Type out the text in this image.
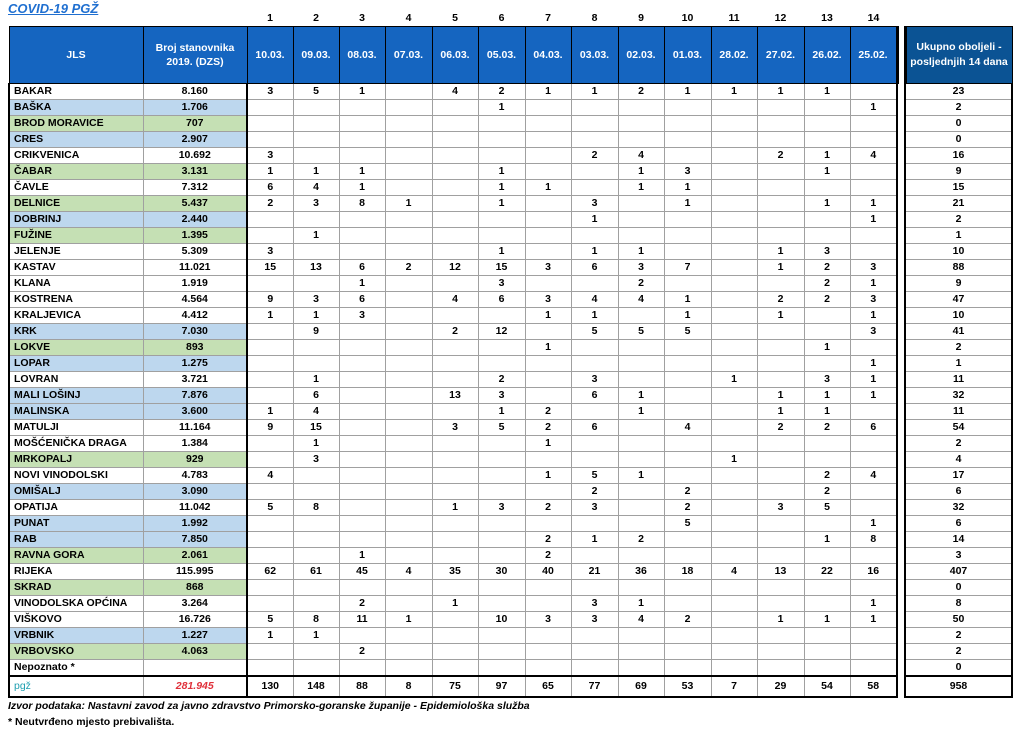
COVID-19 PGŽ
		1	2	3	4	5	6	7	8	9	10	11	12	13	14		
JLS	Broj stanovnika 2019. (DZS)	10.03.	09.03.	08.03.	07.03.	06.03.	05.03.	04.03.	03.03.	02.03.	01.03.	28.02.	27.02.	26.02.	25.02.		Ukupno oboljeli - posljednjih 14 dana
BAKAR	8.160	3	5	1		4	2	1	1	2	1	1	1	1			23
BAŠKA	1.706						1								1		2
BROD MORAVICE	707																0
CRES	2.907																0
CRIKVENICA	10.692	3							2	4			2	1	4		16
ČABAR	3.131	1	1	1			1			1	3			1			9
ČAVLE	7.312	6	4	1			1	1		1	1						15
DELNICE	5.437	2	3	8	1		1		3		1			1	1		21
DOBRINJ	2.440								1						1		2
FUŽINE	1.395		1														1
JELENJE	5.309	3					1		1	1			1	3			10
KASTAV	11.021	15	13	6	2	12	15	3	6	3	7		1	2	3		88
KLANA	1.919			1			3			2				2	1		9
KOSTRENA	4.564	9	3	6		4	6	3	4	4	1		2	2	3		47
KRALJEVICA	4.412	1	1	3				1	1		1		1		1		10
KRK	7.030		9			2	12		5	5	5				3		41
LOKVE	893							1						1			2
LOPAR	1.275														1		1
LOVRAN	3.721		1				2		3			1		3	1		11
MALI LOŠINJ	7.876		6			13	3		6	1			1	1	1		32
MALINSKA	3.600	1	4				1	2		1			1	1			11
MATULJI	11.164	9	15			3	5	2	6		4		2	2	6		54
MOŠĆENIČKA DRAGA	1.384		1					1									2
MRKOPALJ	929		3									1					4
NOVI VINODOLSKI	4.783	4						1	5	1				2	4		17
OMIŠALJ	3.090								2		2			2			6
OPATIJA	11.042	5	8			1	3	2	3		2		3	5			32
PUNAT	1.992										5				1		6
RAB	7.850							2	1	2				1	8		14
RAVNA GORA	2.061			1				2									3
RIJEKA	115.995	62	61	45	4	35	30	40	21	36	18	4	13	22	16		407
SKRAD	868																0
VINODOLSKA OPĆINA	3.264			2		1			3	1					1		8
VIŠKOVO	16.726	5	8	11	1		10	3	3	4	2		1	1	1		50
VRBNIK	1.227	1	1														2
VRBOVSKO	4.063			2													2
Nepoznato *																	0
pgž	281.945	130	148	88	8	75	97	65	77	69	53	7	29	54	58		958
Izvor podataka: Nastavni zavod za javno zdravstvo Primorsko-goranske županije - Epidemiološka služba
* Neutvrđeno mjesto prebivališta.
